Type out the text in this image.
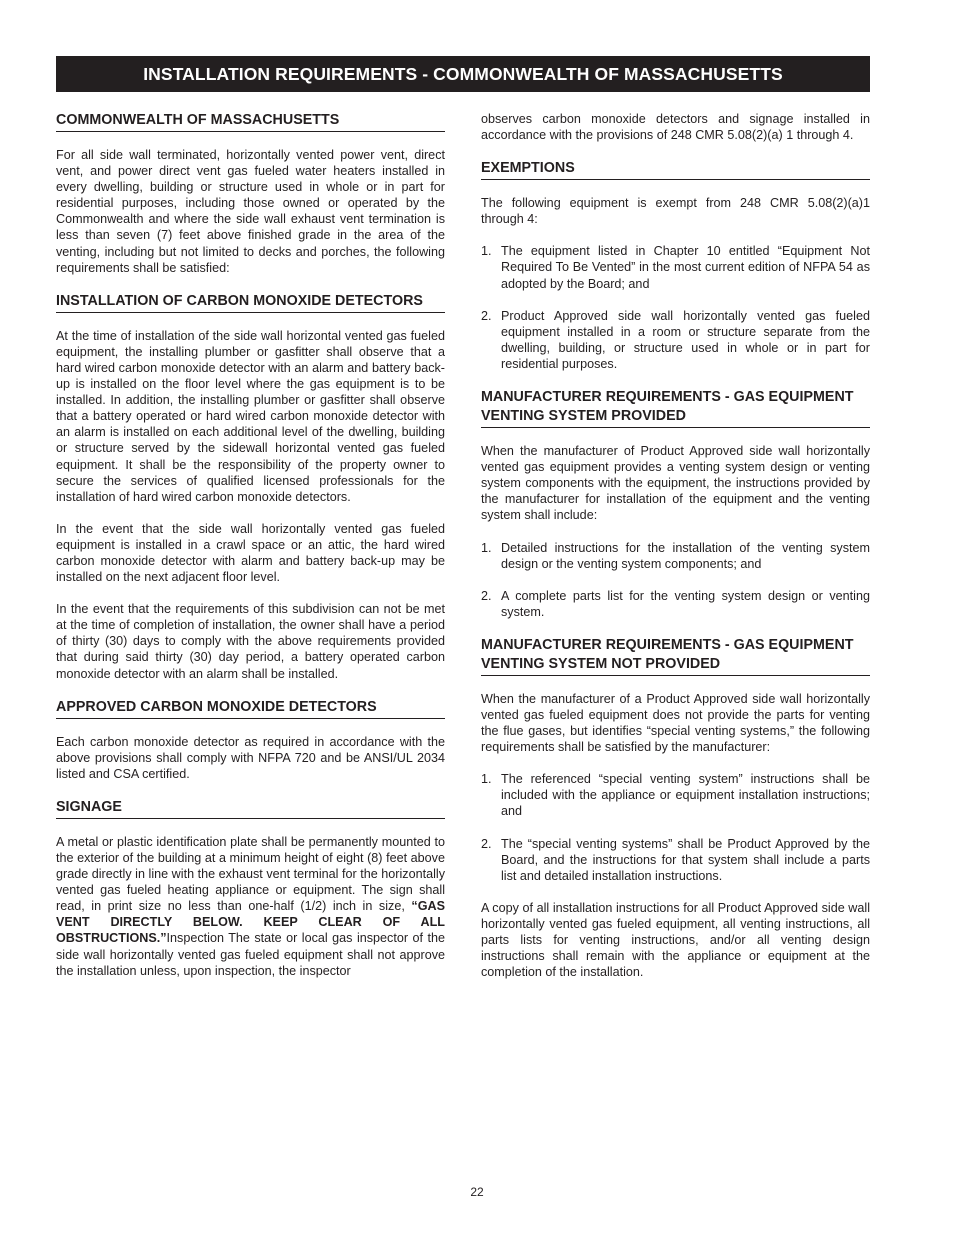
INSTALLATION REQUIREMENTS - COMMONWEALTH OF MASSACHUSETTS
COMMONWEALTH OF MASSACHUSETTS

For all side wall terminated, horizontally vented power vent, direct vent, and power direct vent gas fueled water heaters installed in every dwelling, building or structure used in whole or in part for residential purposes, including those owned or operated by the Commonwealth and where the side wall exhaust vent termination is less than seven (7) feet above finished grade in the area of the venting, including but not limited to decks and porches, the following requirements shall be satisfied:

INSTALLATION OF CARBON MONOXIDE DETECTORS

At the time of installation of the side wall horizontal vented gas fueled equipment, the installing plumber or gasfitter shall observe that a hard wired carbon monoxide detector with an alarm and battery back-up is installed on the floor level where the gas equipment is to be installed. In addition, the installing plumber or gasfitter shall observe that a battery operated or hard wired carbon monoxide detector with an alarm is installed on each additional level of the dwelling, building or structure served by the sidewall horizontal vented gas fueled equipment. It shall be the responsibility of the property owner to secure the services of qualified licensed professionals for the installation of hard wired carbon monoxide detectors.

In the event that the side wall horizontally vented gas fueled equipment is installed in a crawl space or an attic, the hard wired carbon monoxide detector with alarm and battery back-up may be installed on the next adjacent floor level.

In the event that the requirements of this subdivision can not be met at the time of completion of installation, the owner shall have a period of thirty (30) days to comply with the above requirements provided that during said thirty (30) day period, a battery operated carbon monoxide detector with an alarm shall be installed.

APPROVED CARBON MONOXIDE DETECTORS

Each carbon monoxide detector as required in accordance with the above provisions shall comply with NFPA 720 and be ANSI/UL 2034 listed and CSA certified.

SIGNAGE

A metal or plastic identification plate shall be permanently mounted to the exterior of the building at a minimum height of eight (8) feet above grade directly in line with the exhaust vent terminal for the horizontally vented gas fueled heating appliance or equipment. The sign shall read, in print size no less than one-half (1/2) inch in size, “GAS VENT DIRECTLY BELOW. KEEP CLEAR OF ALL OBSTRUCTIONS.”Inspection The state or local gas inspector of the side wall horizontally vented gas fueled equipment shall not approve the installation unless, upon inspection, the inspector

observes carbon monoxide detectors and signage installed in accordance with the provisions of 248 CMR 5.08(2)(a) 1 through 4.

EXEMPTIONS

The following equipment is exempt from 248 CMR 5.08(2)(a)1 through 4:

1. The equipment listed in Chapter 10 entitled “Equipment Not Required To Be Vented” in the most current edition of NFPA 54 as adopted by the Board; and
2. Product Approved side wall horizontally vented gas fueled equipment installed in a room or structure separate from the dwelling, building, or structure used in whole or in part for residential purposes.
MANUFACTURER REQUIREMENTS - GAS EQUIPMENT VENTING SYSTEM PROVIDED

When the manufacturer of Product Approved side wall horizontally vented gas equipment provides a venting system design or venting system components with the equipment, the instructions provided by the manufacturer for installation of the equipment and the venting system shall include:

1. Detailed instructions for the installation of the venting system design or the venting system components; and
2. A complete parts list for the venting system design or venting system.
MANUFACTURER REQUIREMENTS - GAS EQUIPMENT VENTING SYSTEM NOT PROVIDED

When the manufacturer of a Product Approved side wall horizontally vented gas fueled equipment does not provide the parts for venting the flue gases, but identifies “special venting systems,” the following requirements shall be satisfied by the manufacturer:

1. The referenced “special venting system” instructions shall be included with the appliance or equipment installation instructions; and
2. The “special venting systems” shall be Product Approved by the Board, and the instructions for that system shall include a parts list and detailed installation instructions.

A copy of all installation instructions for all Product Approved side wall horizontally vented gas fueled equipment, all venting instructions, all parts lists for venting instructions, and/or all venting design instructions shall remain with the appliance or equipment at the completion of the installation.

22
